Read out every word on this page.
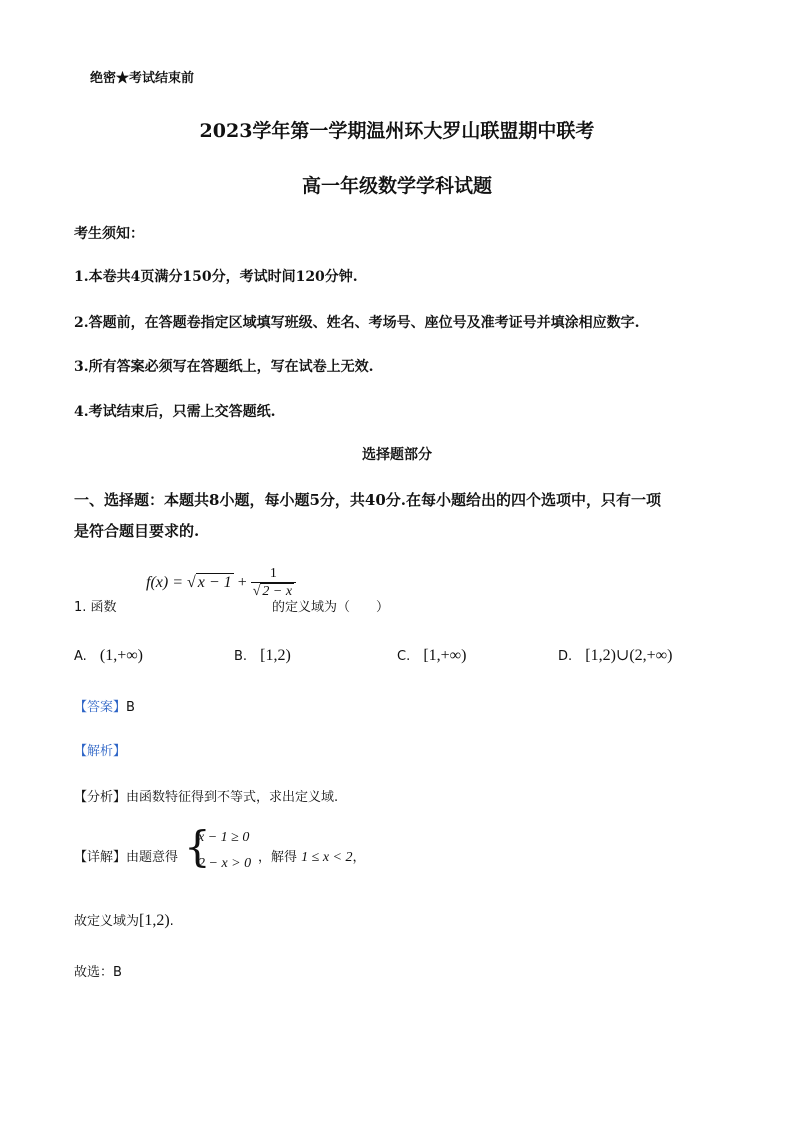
绝密★考试结束前
2023学年第一学期温州环大罗山联盟期中联考
高一年级数学学科试题
考生须知：
1.本卷共4页满分150分，考试时间120分钟.
2.答题前，在答题卷指定区域填写班级、姓名、考场号、座位号及准考证号并填涂相应数字.
3.所有答案必须写在答题纸上，写在试卷上无效.
4.考试结束后，只需上交答题纸.
选择题部分
一、选择题：本题共8小题，每小题5分，共40分.在每小题给出的四个选项中，只有一项
是符合题目要求的.
1. 函数
f(x) = √ $x - 1 + \frac{1}{√ 2 - x}$
的定义域为（　　）
A. (1,+∞)	B. [1,2)	C. [1,+∞)	D. [1,2)∪(2,+∞)
【答案】B
【解析】
【分析】由函数特征得到不等式，求出定义域.
【详解】由题意得 {
x − 1 ≥ 0
2 − x > 0 ，解得 1 ≤ x < 2，
故定义域为[1,2).
故选：B
